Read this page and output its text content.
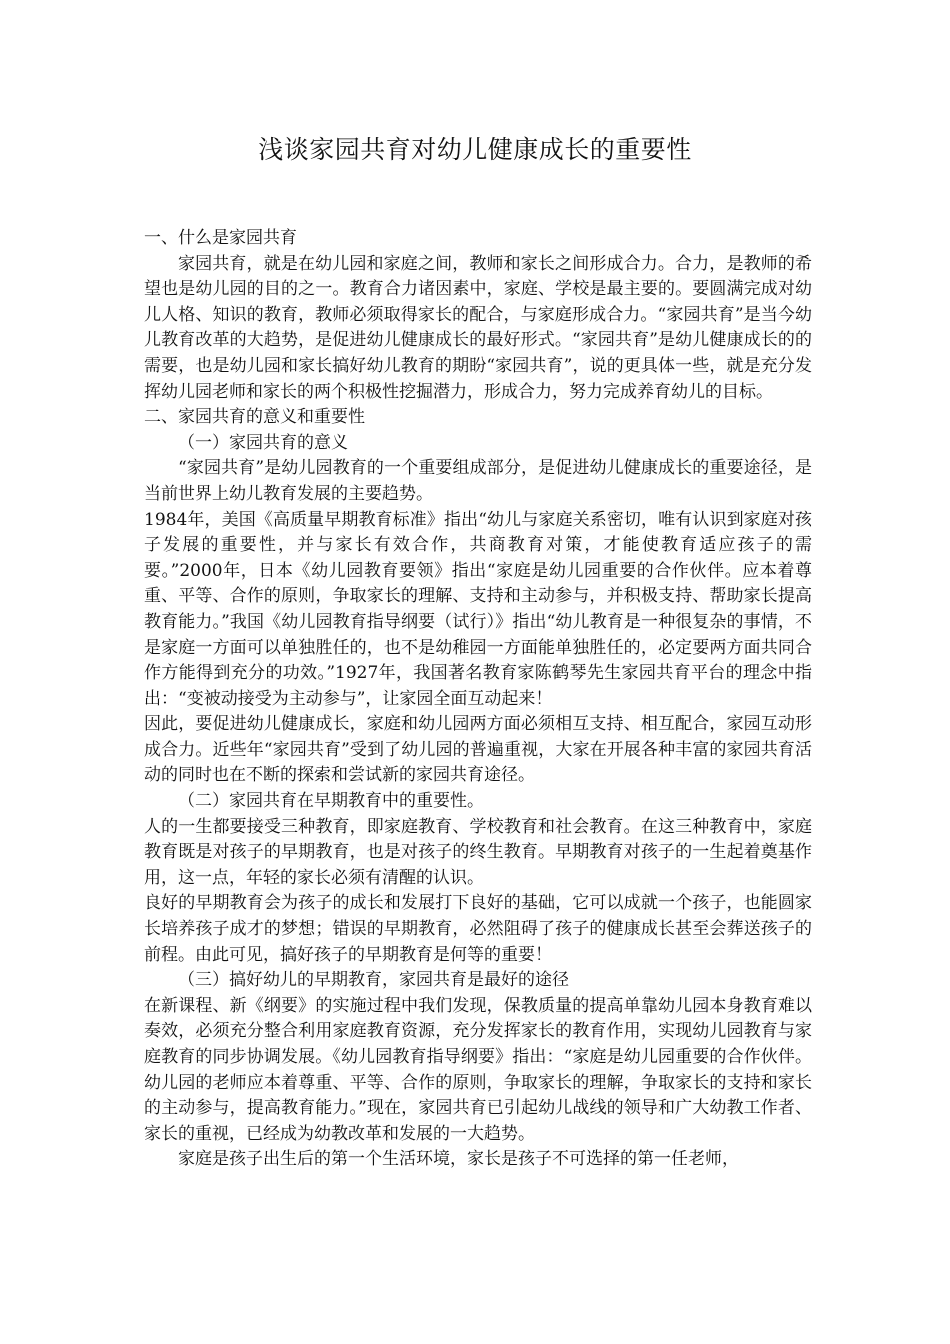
浅谈家园共育对幼儿健康成长的重要性

一、什么是家园共育

家园共育，就是在幼儿园和家庭之间，教师和家长之间形成合力。合力，是教师的希望也是幼儿园的目的之一。教育合力诸因素中，家庭、学校是最主要的。要圆满完成对幼儿人格、知识的教育，教师必须取得家长的配合，与家庭形成合力。“家园共育”是当今幼儿教育改革的大趋势，是促进幼儿健康成长的最好形式。“家园共育”是幼儿健康成长的的需要，也是幼儿园和家长搞好幼儿教育的期盼“家园共育”，说的更具体一些，就是充分发挥幼儿园老师和家长的两个积极性挖掘潜力，形成合力，努力完成养育幼儿的目标。

二、家园共育的意义和重要性

（一）家园共育的意义

“家园共育”是幼儿园教育的一个重要组成部分，是促进幼儿健康成长的重要途径，是当前世界上幼儿教育发展的主要趋势。

1984年，美国《高质量早期教育标准》指出“幼儿与家庭关系密切，唯有认识到家庭对孩子发展的重要性，并与家长有效合作，共商教育对策，才能使教育适应孩子的需要。”2000年，日本《幼儿园教育要领》指出“家庭是幼儿园重要的合作伙伴。应本着尊重、平等、合作的原则，争取家长的理解、支持和主动参与，并积极支持、帮助家长提高教育能力。”我国《幼儿园教育指导纲要（试行）》指出“幼儿教育是一种很复杂的事情，不是家庭一方面可以单独胜任的，也不是幼稚园一方面能单独胜任的，必定要两方面共同合作方能得到充分的功效。”1927年，我国著名教育家陈鹤琴先生家园共育平台的理念中指出：“变被动接受为主动参与”，让家园全面互动起来！

因此，要促进幼儿健康成长，家庭和幼儿园两方面必须相互支持、相互配合，家园互动形成合力。近些年“家园共育”受到了幼儿园的普遍重视，大家在开展各种丰富的家园共育活动的同时也在不断的探索和尝试新的家园共育途径。

（二）家园共育在早期教育中的重要性。

人的一生都要接受三种教育，即家庭教育、学校教育和社会教育。在这三种教育中，家庭教育既是对孩子的早期教育，也是对孩子的终生教育。早期教育对孩子的一生起着奠基作用，这一点，年轻的家长必须有清醒的认识。

良好的早期教育会为孩子的成长和发展打下良好的基础，它可以成就一个孩子，也能圆家长培养孩子成才的梦想；错误的早期教育，必然阻碍了孩子的健康成长甚至会葬送孩子的前程。由此可见，搞好孩子的早期教育是何等的重要！

（三）搞好幼儿的早期教育，家园共育是最好的途径

在新课程、新《纲要》的实施过程中我们发现，保教质量的提高单靠幼儿园本身教育难以奏效，必须充分整合利用家庭教育资源，充分发挥家长的教育作用，实现幼儿园教育与家庭教育的同步协调发展。《幼儿园教育指导纲要》指出：“家庭是幼儿园重要的合作伙伴。幼儿园的老师应本着尊重、平等、合作的原则，争取家长的理解，争取家长的支持和家长的主动参与，提高教育能力。”现在，家园共育已引起幼儿战线的领导和广大幼教工作者、家长的重视，已经成为幼教改革和发展的一大趋势。

家庭是孩子出生后的第一个生活环境，家长是孩子不可选择的第一任老师，
